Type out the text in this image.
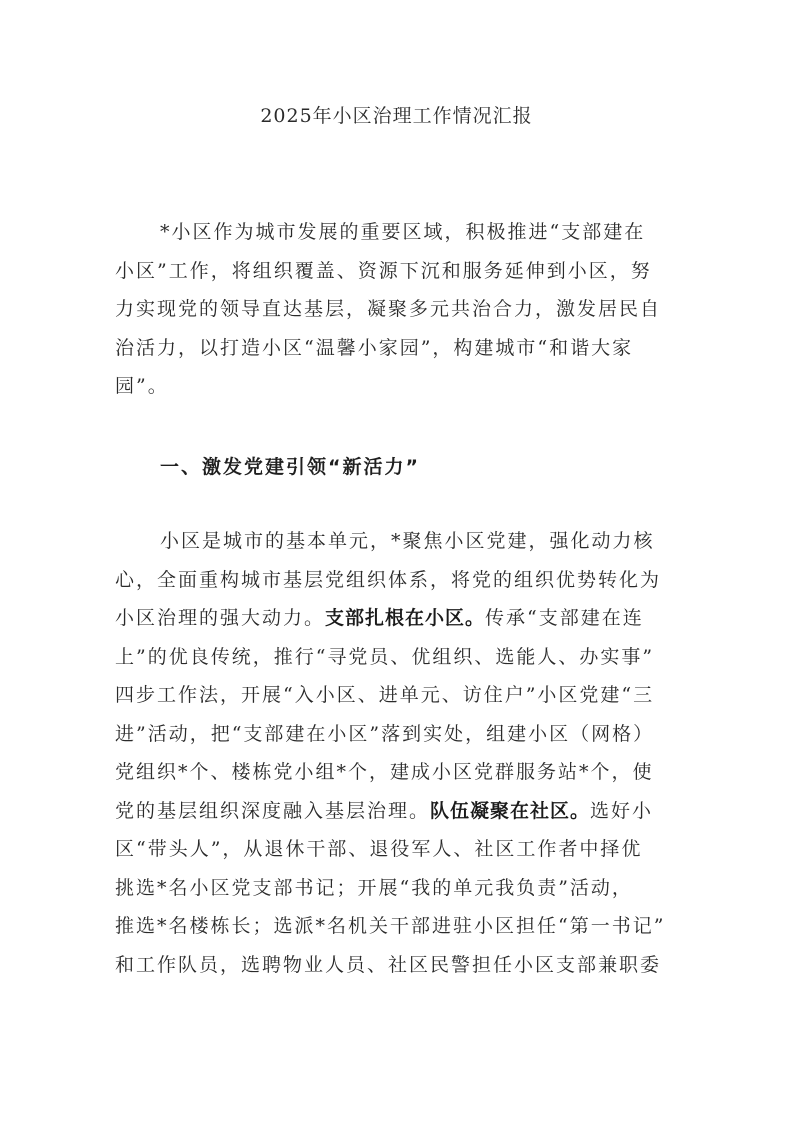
2025年小区治理工作情况汇报
*小区作为城市发展的重要区域，积极推进“支部建在
小区”工作，将组织覆盖、资源下沉和服务延伸到小区，努
力实现党的领导直达基层，凝聚多元共治合力，激发居民自
治活力，以打造小区“温馨小家园”，构建城市“和谐大家
园”。
一、激发党建引领“新活力”
小区是城市的基本单元，*聚焦小区党建，强化动力核
心，全面重构城市基层党组织体系，将党的组织优势转化为
小区治理的强大动力。支部扎根在小区。传承“支部建在连
上”的优良传统，推行“寻党员、优组织、选能人、办实事”
四步工作法，开展“入小区、进单元、访住户”小区党建“三
进”活动，把“支部建在小区”落到实处，组建小区（网格）
党组织*个、楼栋党小组*个，建成小区党群服务站*个，使
党的基层组织深度融入基层治理。队伍凝聚在社区。选好小
区“带头人”，从退休干部、退役军人、社区工作者中择优
挑选*名小区党支部书记；开展“我的单元我负责”活动，
推选*名楼栋长；选派*名机关干部进驻小区担任“第一书记”
和工作队员，选聘物业人员、社区民警担任小区支部兼职委
